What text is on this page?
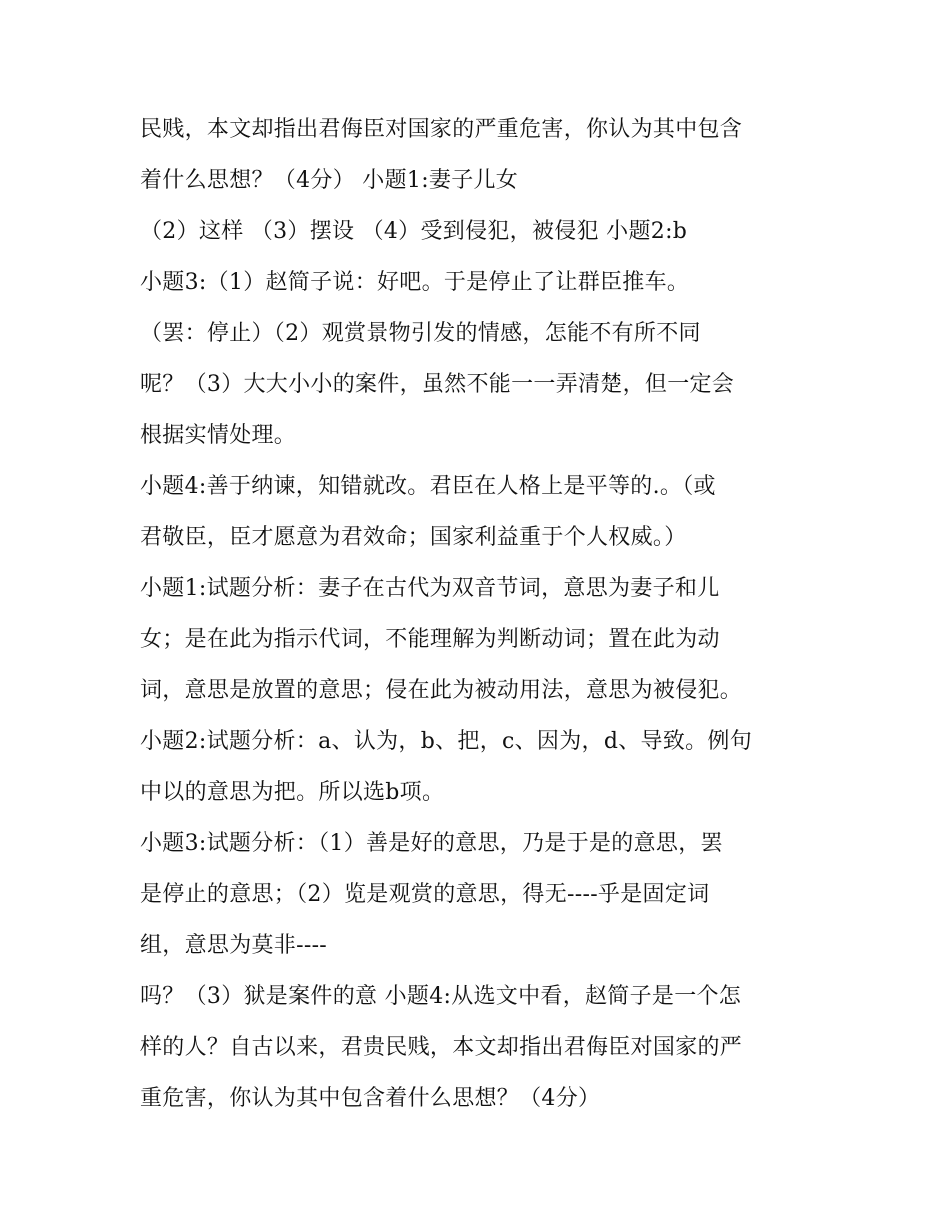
民贱，本文却指出君侮臣对国家的严重危害，你认为其中包含
着什么思想？（4分） 小题1:妻子儿女
（2）这样 （3）摆设 （4）受到侵犯，被侵犯 小题2:b
小题3:（1）赵简子说：好吧。于是停止了让群臣推车。
（罢：停止）（2）观赏景物引发的情感，怎能不有所不同
呢？（3）大大小小的案件，虽然不能一一弄清楚，但一定会
根据实情处理。
小题4:善于纳谏，知错就改。君臣在人格上是平等的.。（或
君敬臣，臣才愿意为君效命；国家利益重于个人权威。）
小题1:试题分析：妻子在古代为双音节词，意思为妻子和儿
女；是在此为指示代词，不能理解为判断动词；置在此为动
词，意思是放置的意思；侵在此为被动用法，意思为被侵犯。
小题2:试题分析：a、认为，b、把，c、因为，d、导致。例句
中以的意思为把。所以选b项。
小题3:试题分析：（1）善是好的意思，乃是于是的意思，罢
是停止的意思；（2）览是观赏的意思，得无----乎是固定词
组，意思为莫非----
吗？（3）狱是案件的意 小题4:从选文中看，赵简子是一个怎
样的人？自古以来，君贵民贱，本文却指出君侮臣对国家的严
重危害，你认为其中包含着什么思想？（4分）
